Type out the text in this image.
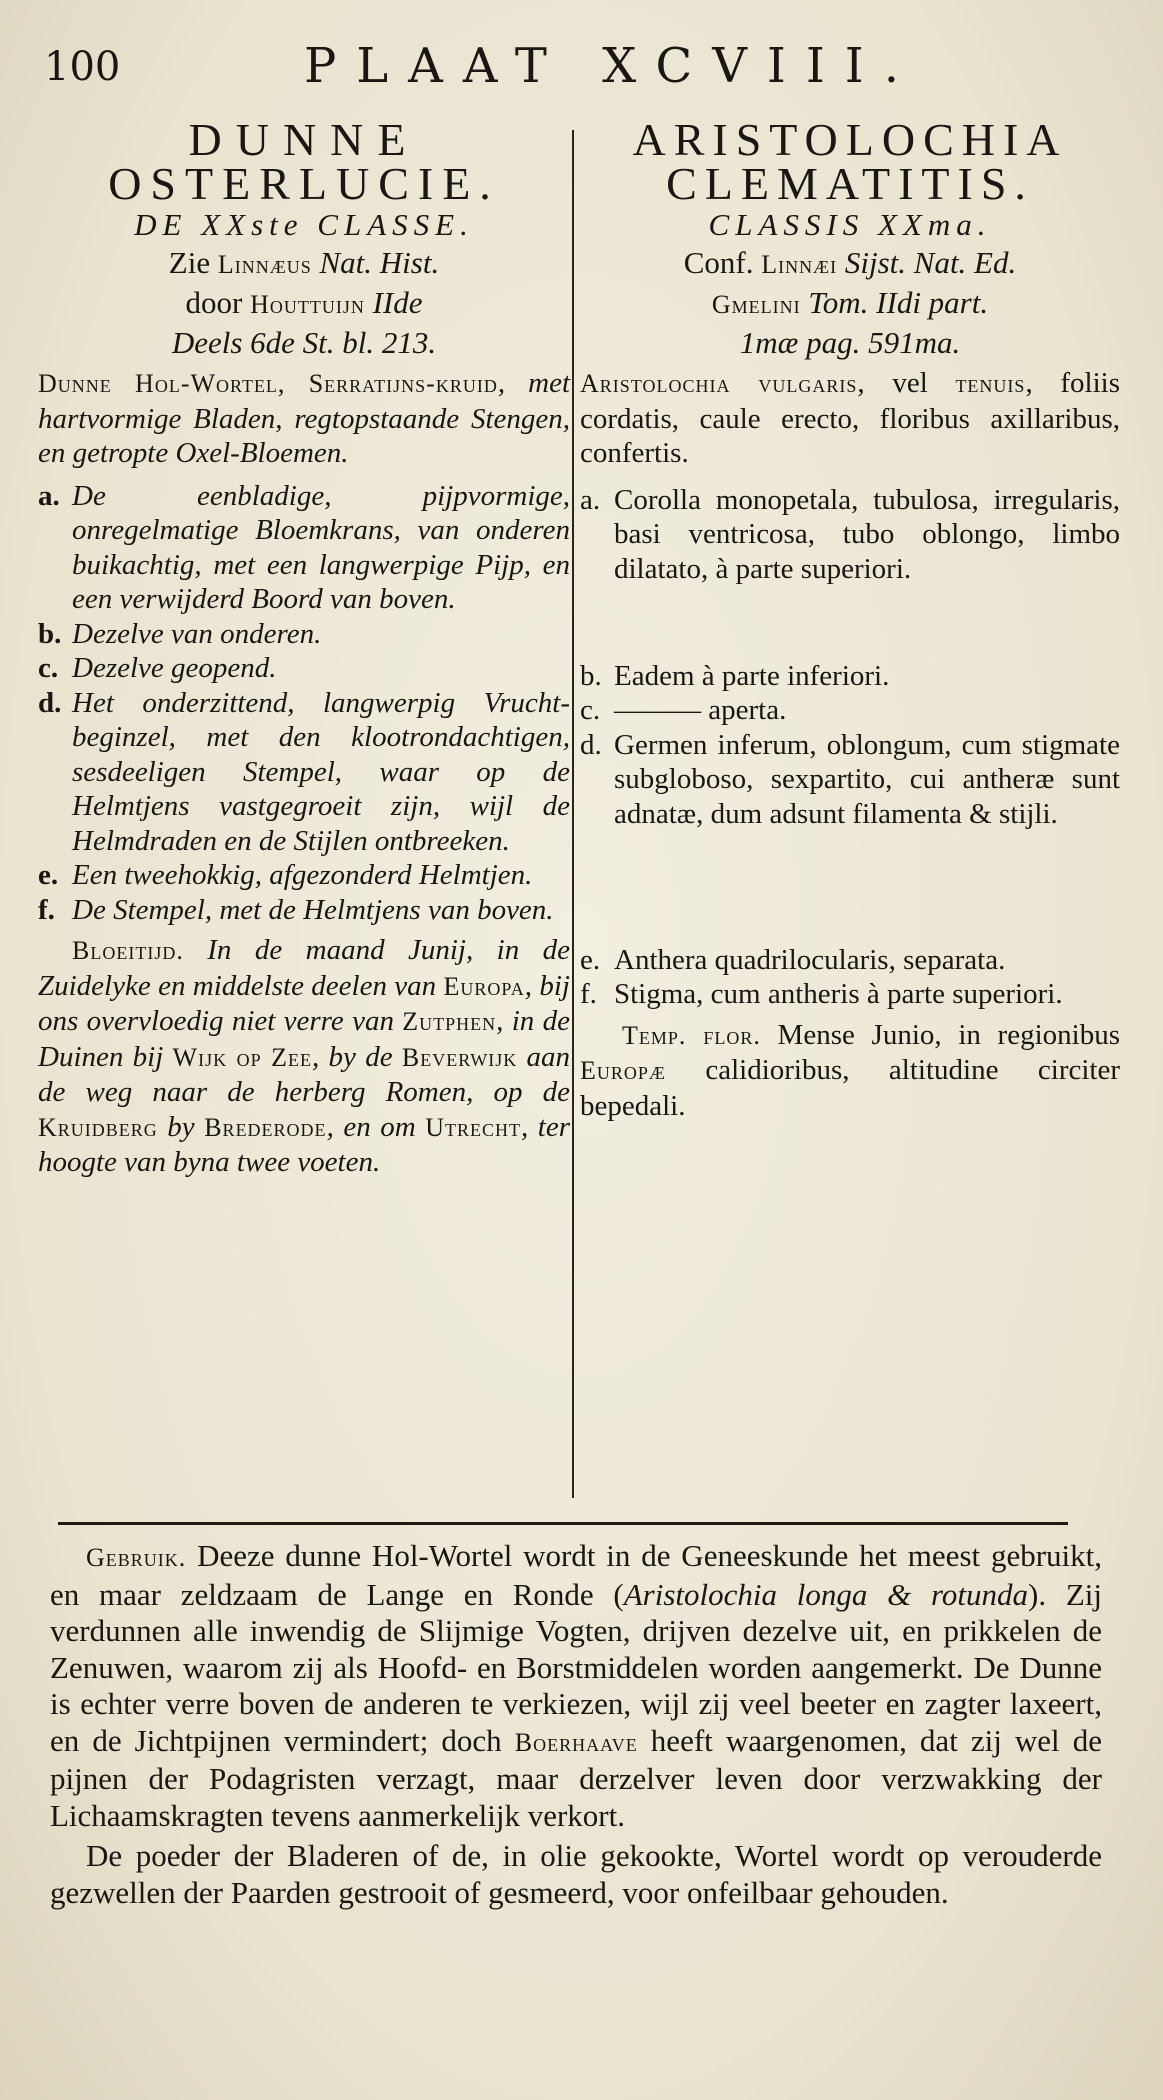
100	PLAAT XCVIII.
DUNNE
OSTERLUCIE.
DE XXste CLASSE.
Zie Linnæus Nat. Hist.
door Houttuijn IIde
Deels 6de St. bl. 213.
Dunne Hol-Wortel, Serratijns-kruid, met hartvormige Bladen, regtopstaande Stengen, en getropte Oxel-Bloemen.
a. De eenbladige, pijpvormige, onregelmatige Bloemkrans, van onderen buikachtig, met een langwerpige Pijp, en een verwijderd Boord van boven.
b. Dezelve van onderen.
c. Dezelve geopend.
d. Het onderzittend, langwerpig Vrucht-beginzel, met den klootrondachtigen, sesdeeligen Stempel, waar op de Helmtjens vastgegroeit zijn, wijl de Helmdraden en de Stijlen ontbreeken.
e. Een tweehokkig, afgezonderd Helmtjen.
f. De Stempel, met de Helmtjens van boven.
Bloeitijd. In de maand Junij, in de Zuidelyke en middelste deelen van Europa, bij ons overvloedig niet verre van Zutphen, in de Duinen bij Wijk op Zee, by de Beverwijk aan de weg naar de herberg Romen, op de Kruidberg by Brederode, en om Utrecht, ter hoogte van byna twee voeten.
ARISTOLOCHIA
CLEMATITIS.
CLASSIS XXma.
Conf. Linnæi Sijst. Nat. Ed.
Gmelini Tom. IIdi part.
1mæ pag. 591ma.
Aristolochia vulgaris, vel tenuis, foliis cordatis, caule erecto, floribus axillaribus, confertis.
a. Corolla monopetala, tubulosa, irregularis, basi ventricosa, tubo oblongo, limbo dilatato, à parte superiori.
b. Eadem à parte inferiori.
c. ——— aperta.
d. Germen inferum, oblongum, cum stigmate subgloboso, sexpartito, cui antheræ sunt adnatæ, dum adsunt filamenta & stijli.
e. Anthera quadrilocularis, separata.
f. Stigma, cum antheris à parte superiori.
Temp. flor. Mense Junio, in regionibus Europæ calidioribus, altitudine circiter bepedali.

Gebruik. Deeze dunne Hol-Wortel wordt in de Geneeskunde het meest gebruikt, en maar zeldzaam de Lange en Ronde (Aristolochia longa & rotunda). Zij verdunnen alle inwendig de Slijmige Vogten, drijven dezelve uit, en prikkelen de Zenuwen, waarom zij als Hoofd- en Borstmiddelen worden aangemerkt. De Dunne is echter verre boven de anderen te verkiezen, wijl zij veel beeter en zagter laxeert, en de Jichtpijnen vermindert; doch Boerhaave heeft waargenomen, dat zij wel de pijnen der Podagristen verzagt, maar derzelver leven door verzwakking der Lichaamskragten tevens aanmerkelijk verkort.

De poeder der Bladeren of de, in olie gekookte, Wortel wordt op verouderde gezwellen der Paarden gestrooit of gesmeerd, voor onfeilbaar gehouden.
